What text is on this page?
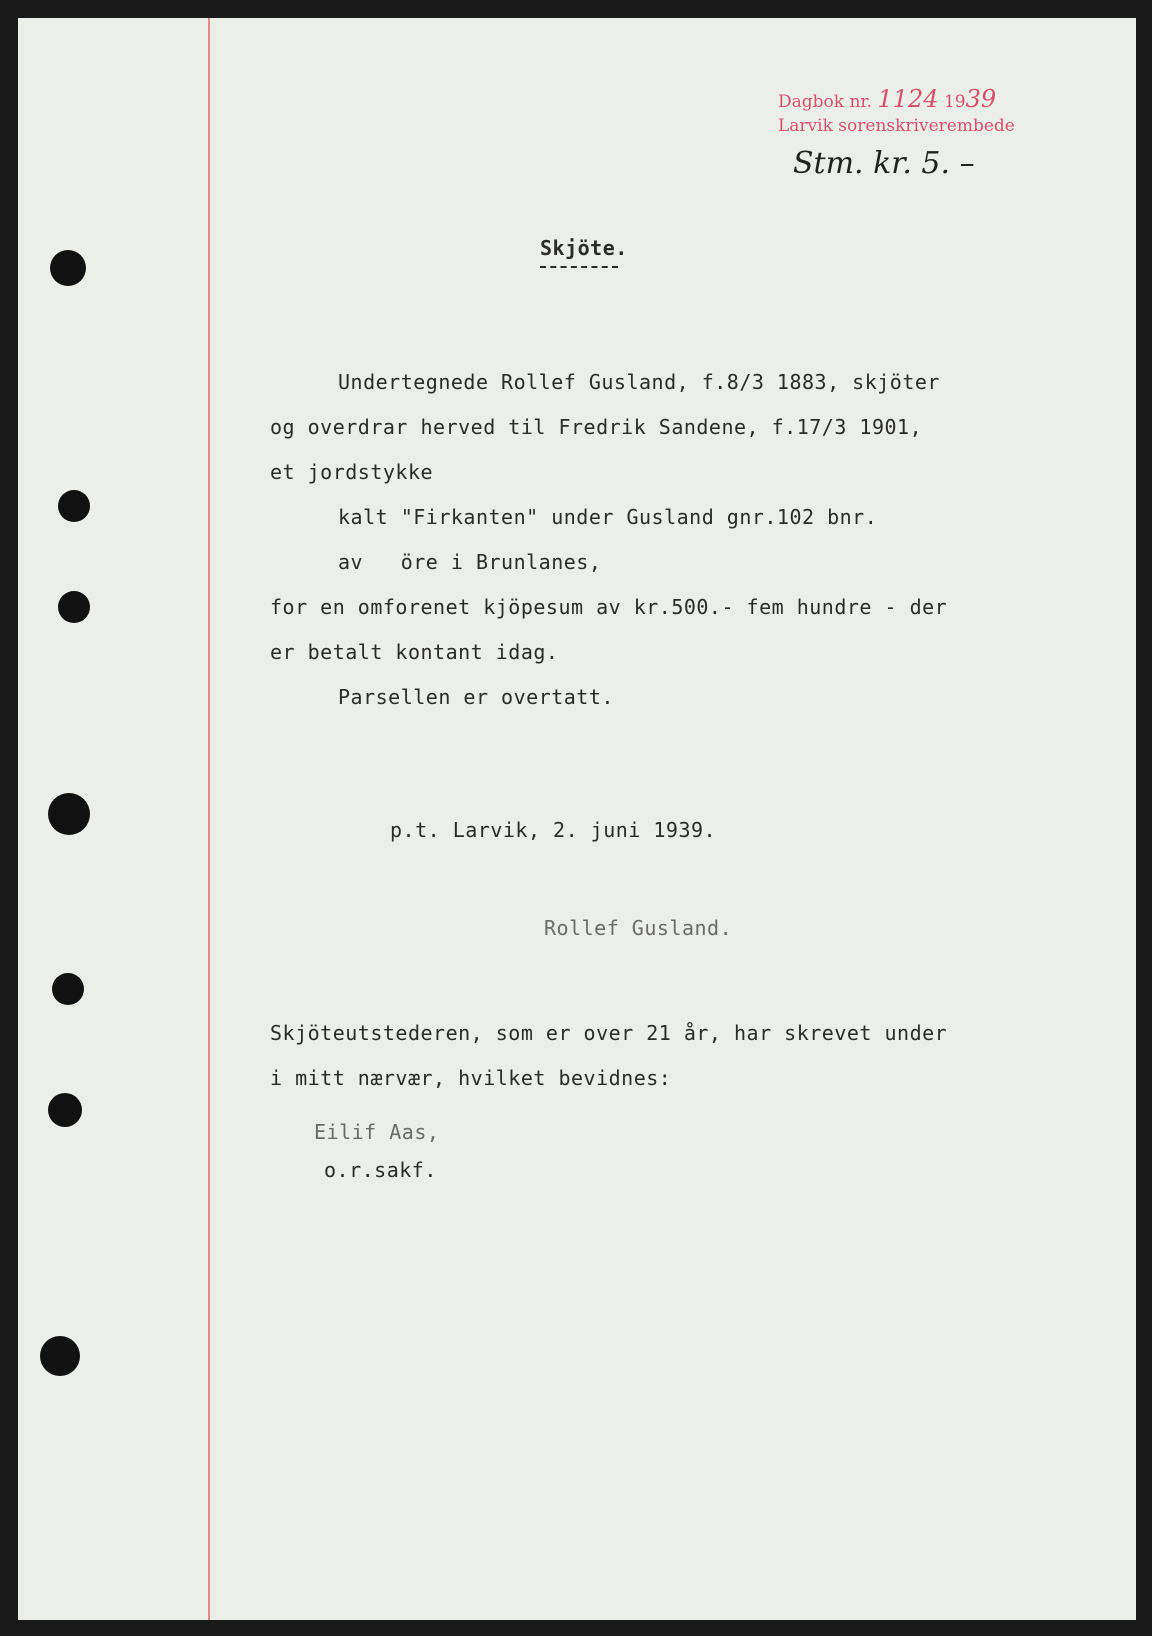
Dagbok nr. 1124 1939
Larvik sorenskriverembede
Stm. kr. 5. –
Skjöte.
Undertegnede Rollef Gusland, f.8/3 1883, skjöter
og overdrar herved til Fredrik Sandene, f.17/3 1901,
et jordstykke
kalt "Firkanten" under Gusland gnr.102 bnr.
av   öre i Brunlanes,
for en omforenet kjöpesum av kr.500.- fem hundre - der
er betalt kontant idag.
Parsellen er overtatt.
p.t. Larvik, 2. juni 1939.
Rollef Gusland.
Skjöteutstederen, som er over 21 år, har skrevet under
i mitt nærvær, hvilket bevidnes:
Eilif Aas,
o.r.sakf.
